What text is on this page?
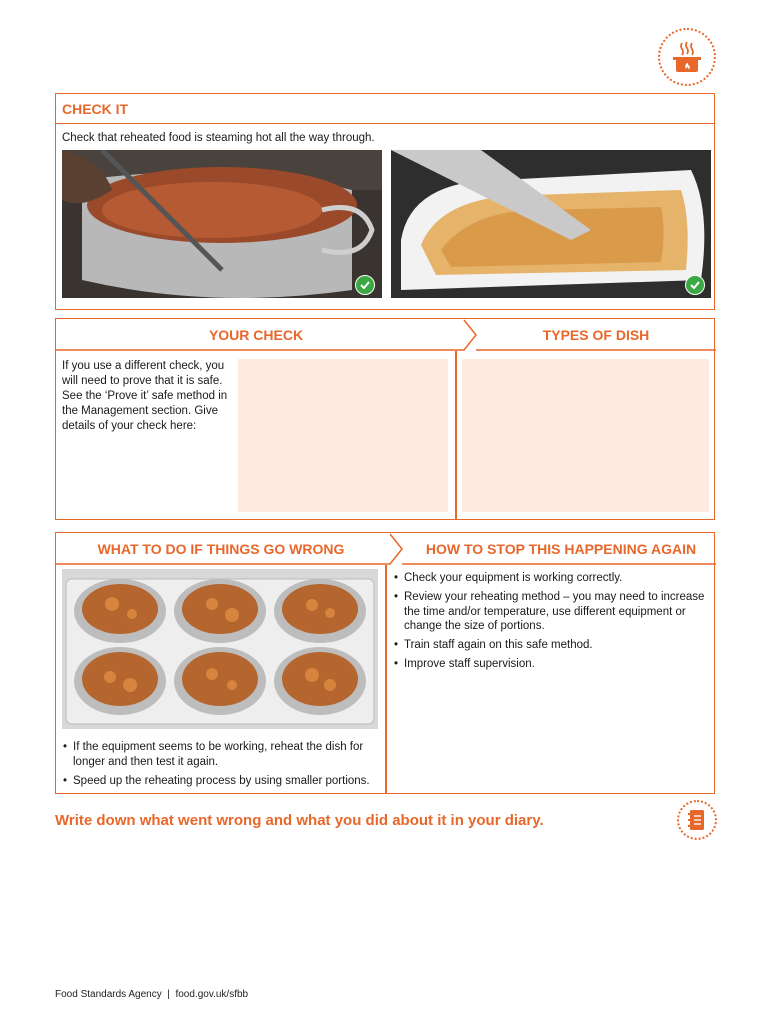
CHECK IT
Check that reheated food is steaming hot all the way through.
YOUR CHECK	TYPES OF DISH
If you use a different check, you will need to prove that it is safe. See the ‘Prove it’ safe method in the Management section. Give details of your check here:
WHAT TO DO IF THINGS GO WRONG	HOW TO STOP THIS HAPPENING AGAIN
• If the equipment seems to be working, reheat the dish for longer and then test it again.
• Speed up the reheating process by using smaller portions.
• Check your equipment is working correctly.
• Review your reheating method – you may need to increase the time and/or temperature, use different equipment or change the size of portions.
• Train staff again on this safe method.
• Improve staff supervision.
Write down what went wrong and what you did about it in your diary.
Food Standards Agency  |  food.gov.uk/sfbb
